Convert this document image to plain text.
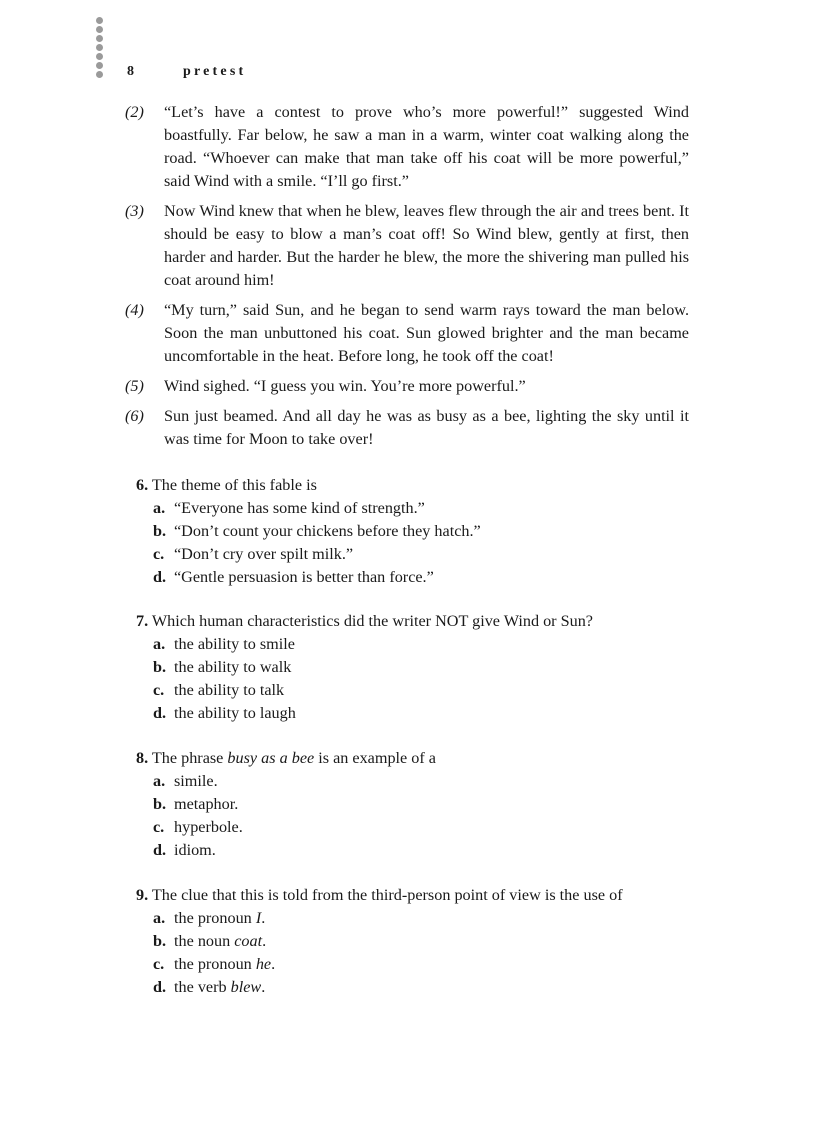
8	pretest
(2) “Let’s have a contest to prove who’s more powerful!” suggested Wind boastfully. Far below, he saw a man in a warm, winter coat walking along the road. “Whoever can make that man take off his coat will be more powerful,” said Wind with a smile. “I’ll go first.”
(3) Now Wind knew that when he blew, leaves flew through the air and trees bent. It should be easy to blow a man’s coat off! So Wind blew, gently at first, then harder and harder. But the harder he blew, the more the shivering man pulled his coat around him!
(4) “My turn,” said Sun, and he began to send warm rays toward the man below. Soon the man unbuttoned his coat. Sun glowed brighter and the man became uncomfortable in the heat. Before long, he took off the coat!
(5) Wind sighed. “I guess you win. You’re more powerful.”
(6) Sun just beamed. And all day he was as busy as a bee, lighting the sky until it was time for Moon to take over!
6. The theme of this fable is
a. “Everyone has some kind of strength.”
b. “Don’t count your chickens before they hatch.”
c. “Don’t cry over spilt milk.”
d. “Gentle persuasion is better than force.”
7. Which human characteristics did the writer NOT give Wind or Sun?
a. the ability to smile
b. the ability to walk
c. the ability to talk
d. the ability to laugh
8. The phrase busy as a bee is an example of a
a. simile.
b. metaphor.
c. hyperbole.
d. idiom.
9. The clue that this is told from the third-person point of view is the use of
a. the pronoun I.
b. the noun coat.
c. the pronoun he.
d. the verb blew.
